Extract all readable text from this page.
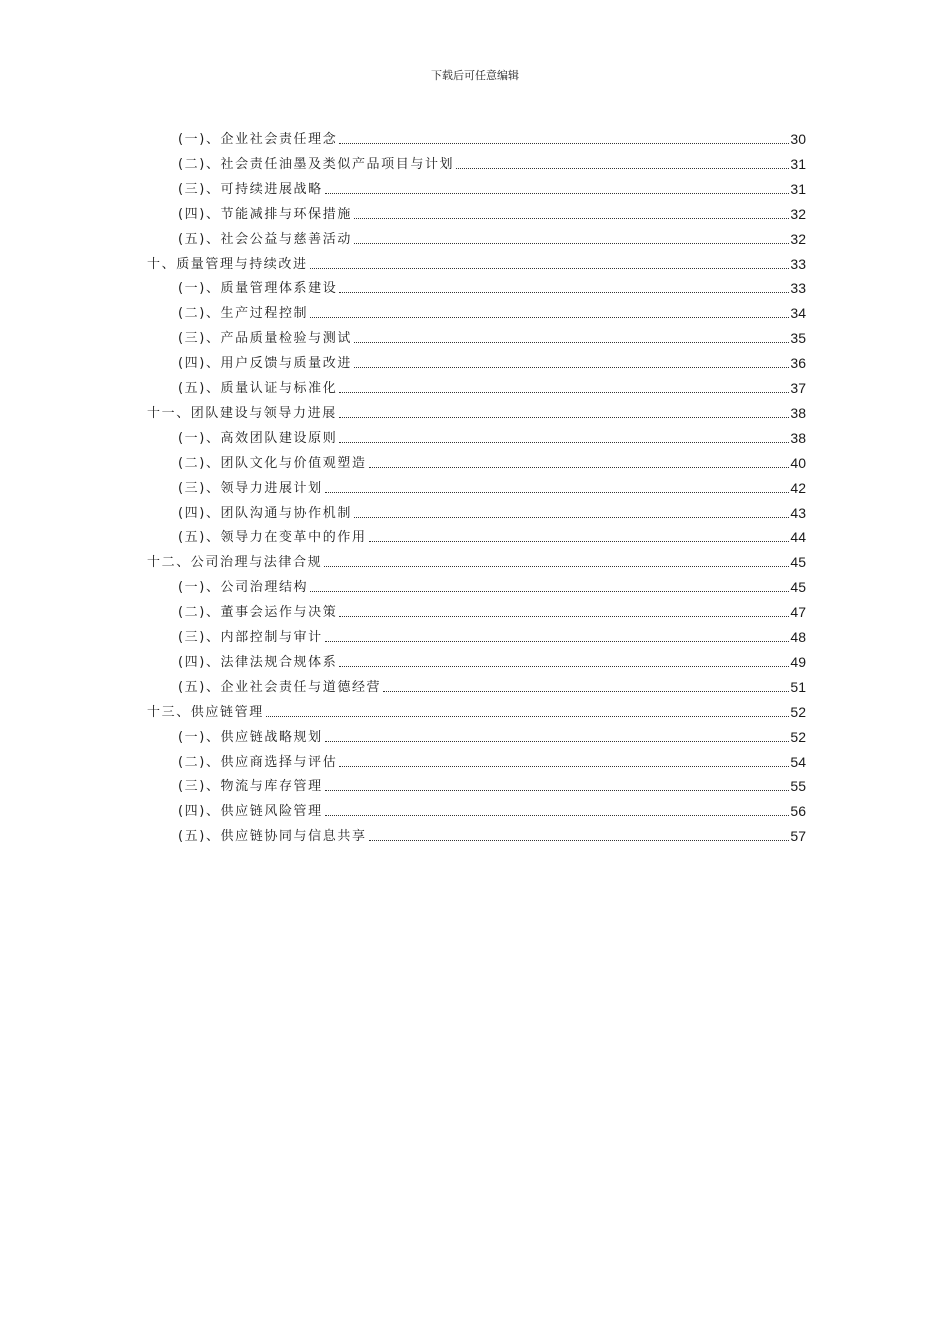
下载后可任意编辑
(一)、企业社会责任理念	30
(二)、社会责任油墨及类似产品项目与计划	31
(三)、可持续进展战略	31
(四)、节能减排与环保措施	32
(五)、社会公益与慈善活动	32
十、质量管理与持续改进	33
(一)、质量管理体系建设	33
(二)、生产过程控制	34
(三)、产品质量检验与测试	35
(四)、用户反馈与质量改进	36
(五)、质量认证与标准化	37
十一、团队建设与领导力进展	38
(一)、高效团队建设原则	38
(二)、团队文化与价值观塑造	40
(三)、领导力进展计划	42
(四)、团队沟通与协作机制	43
(五)、领导力在变革中的作用	44
十二、公司治理与法律合规	45
(一)、公司治理结构	45
(二)、董事会运作与决策	47
(三)、内部控制与审计	48
(四)、法律法规合规体系	49
(五)、企业社会责任与道德经营	51
十三、供应链管理	52
(一)、供应链战略规划	52
(二)、供应商选择与评估	54
(三)、物流与库存管理	55
(四)、供应链风险管理	56
(五)、供应链协同与信息共享	57
